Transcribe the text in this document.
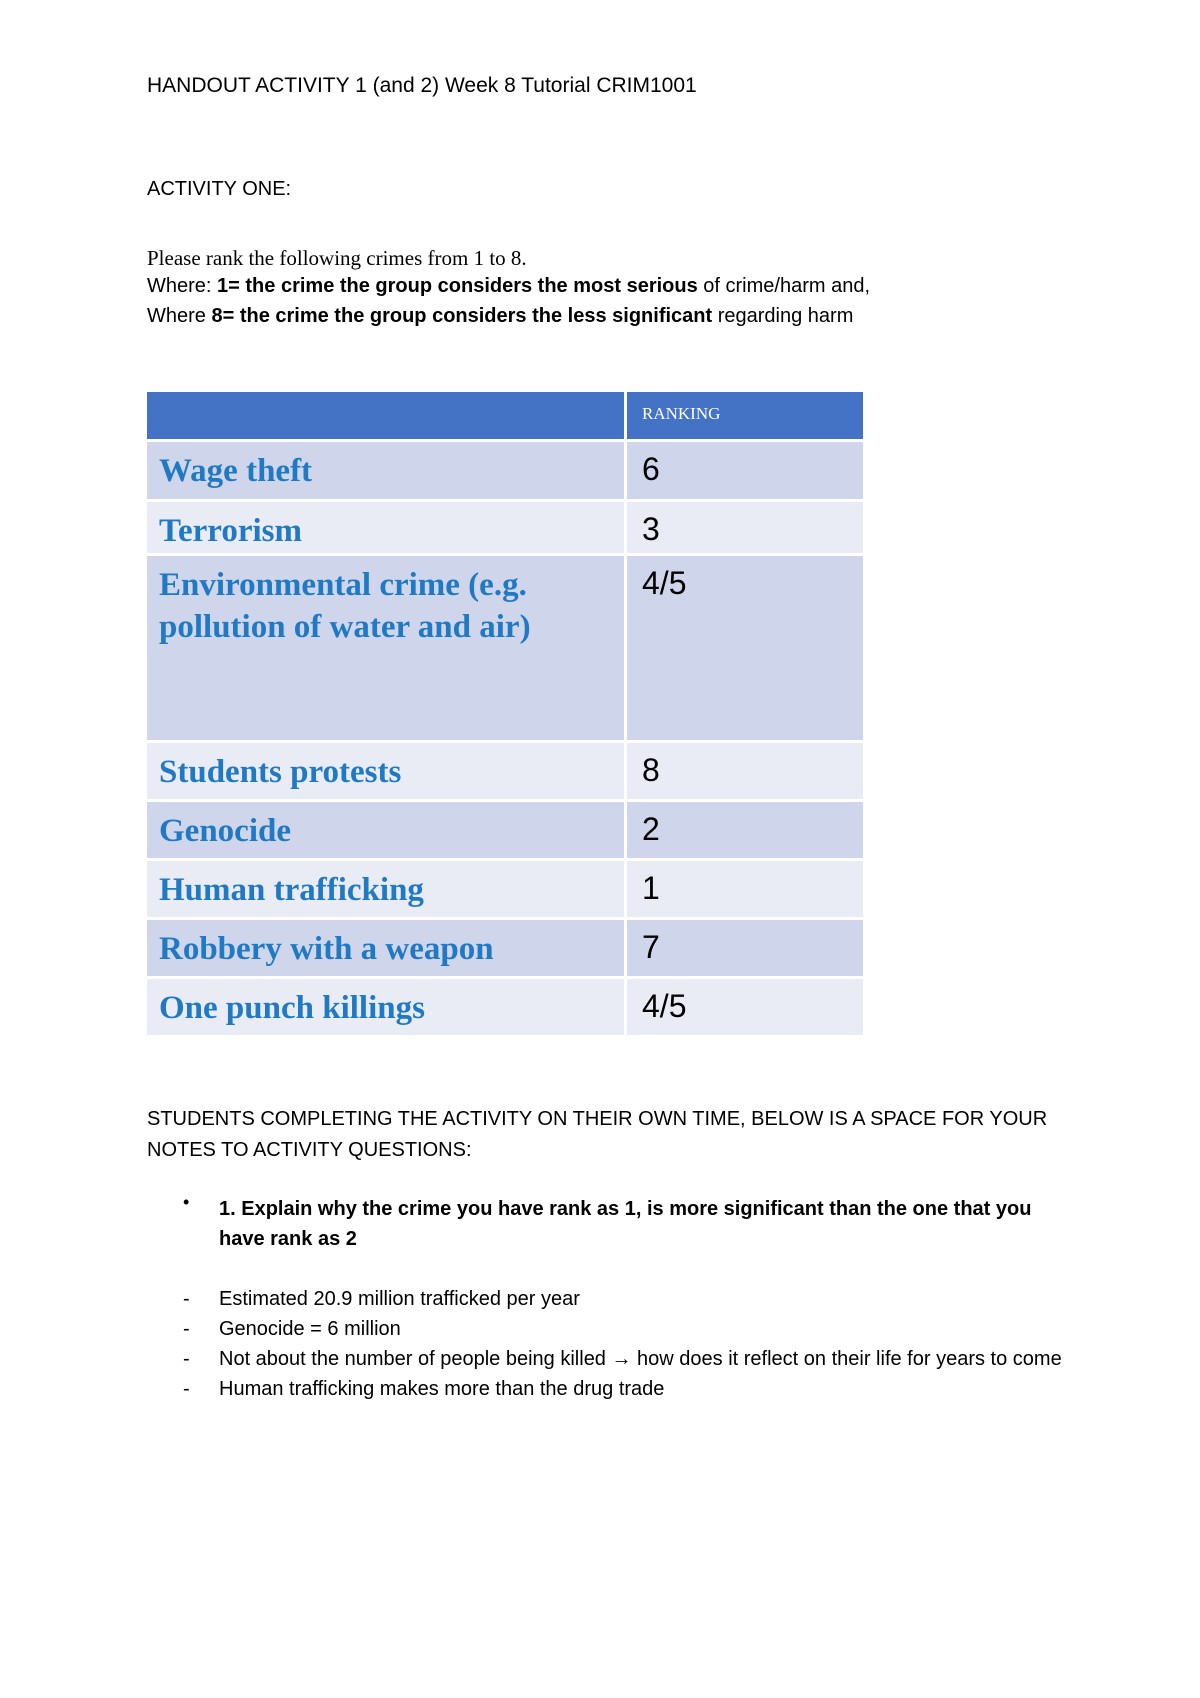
HANDOUT ACTIVITY 1 (and 2) Week 8 Tutorial CRIM1001
ACTIVITY ONE:
Please rank the following crimes from 1 to 8.
Where: 1= the crime the group considers the most serious of crime/harm and,
Where 8= the crime the group considers the less significant regarding harm

	RANKING

Wage theft	6

Terrorism	3

Environmental crime (e.g. pollution of water and air)	4/5

Students protests	8

Genocide	2

Human trafficking	1

Robbery with a weapon	7

One punch killings	4/5
STUDENTS COMPLETING THE ACTIVITY ON THEIR OWN TIME, BELOW IS A SPACE FOR YOUR NOTES TO ACTIVITY QUESTIONS:
• 1. Explain why the crime you have rank as 1, is more significant than the one that you have rank as 2
- Estimated 20.9 million trafficked per year
- Genocide = 6 million
- Not about the number of people being killed → how does it reflect on their life for years to come
- Human trafficking makes more than the drug trade
